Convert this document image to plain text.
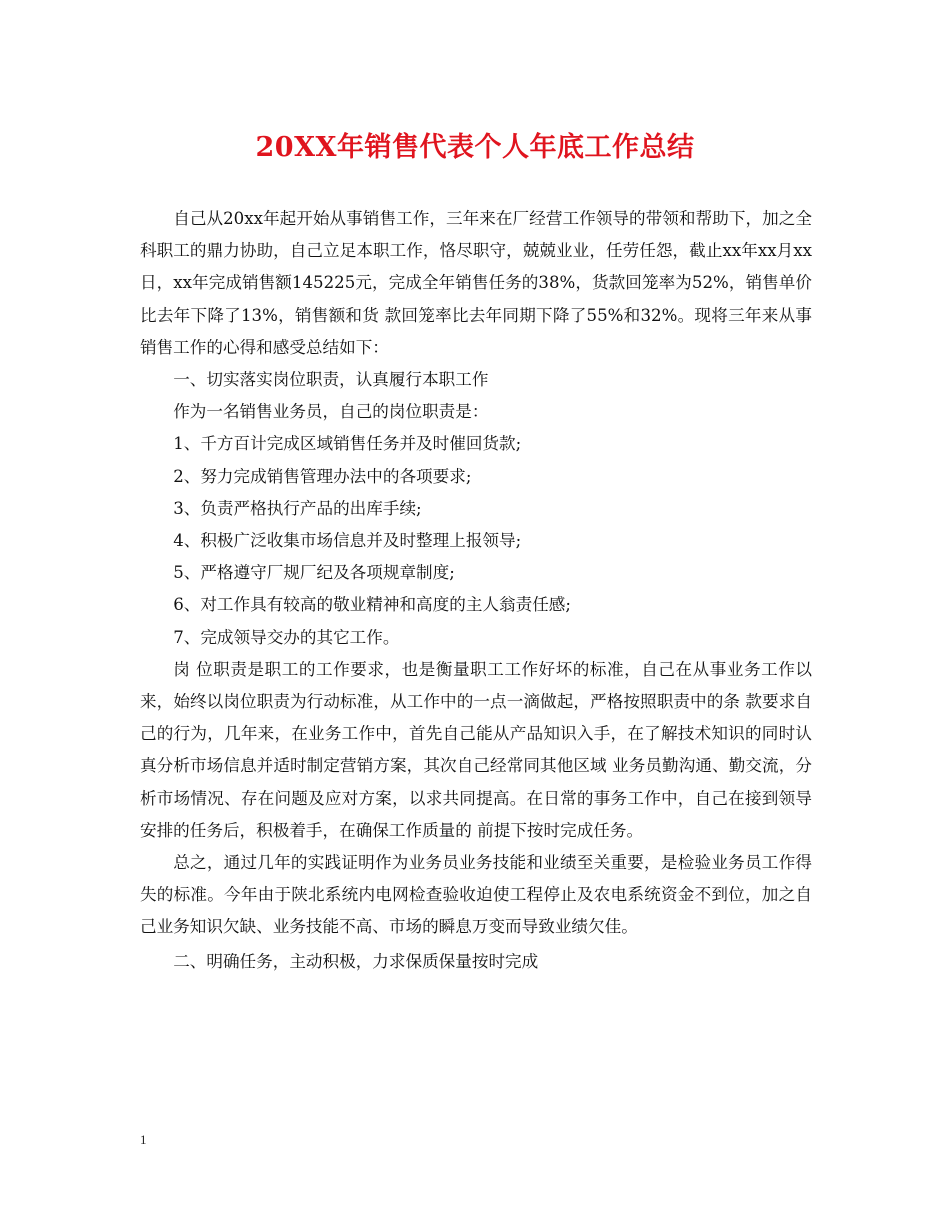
20XX年销售代表个人年底工作总结

自己从20xx年起开始从事销售工作，三年来在厂经营工作领导的带领和帮助下，加之全科职工的鼎力协助，自己立足本职工作，恪尽职守，兢兢业业，任劳任怨，截止xx年xx月xx日，xx年完成销售额145225元，完成全年销售任务的38%，货款回笼率为52%，销售单价比去年下降了13%，销售额和货 款回笼率比去年同期下降了55%和32%。现将三年来从事销售工作的心得和感受总结如下：

一、切实落实岗位职责，认真履行本职工作

作为一名销售业务员，自己的岗位职责是：

1、千方百计完成区域销售任务并及时催回货款;

2、努力完成销售管理办法中的各项要求;

3、负责严格执行产品的出库手续;

4、积极广泛收集市场信息并及时整理上报领导;

5、严格遵守厂规厂纪及各项规章制度;

6、对工作具有较高的敬业精神和高度的主人翁责任感;

7、完成领导交办的其它工作。

岗 位职责是职工的工作要求，也是衡量职工工作好坏的标准，自己在从事业务工作以来，始终以岗位职责为行动标准，从工作中的一点一滴做起，严格按照职责中的条 款要求自己的行为，几年来，在业务工作中，首先自己能从产品知识入手，在了解技术知识的同时认真分析市场信息并适时制定营销方案，其次自己经常同其他区域 业务员勤沟通、勤交流，分析市场情况、存在问题及应对方案，以求共同提高。在日常的事务工作中，自己在接到领导安排的任务后，积极着手，在确保工作质量的 前提下按时完成任务。

总之，通过几年的实践证明作为业务员业务技能和业绩至关重要，是检验业务员工作得失的标准。今年由于陕北系统内电网检查验收迫使工程停止及农电系统资金不到位，加之自己业务知识欠缺、业务技能不高、市场的瞬息万变而导致业绩欠佳。

二、明确任务，主动积极，力求保质保量按时完成

1
